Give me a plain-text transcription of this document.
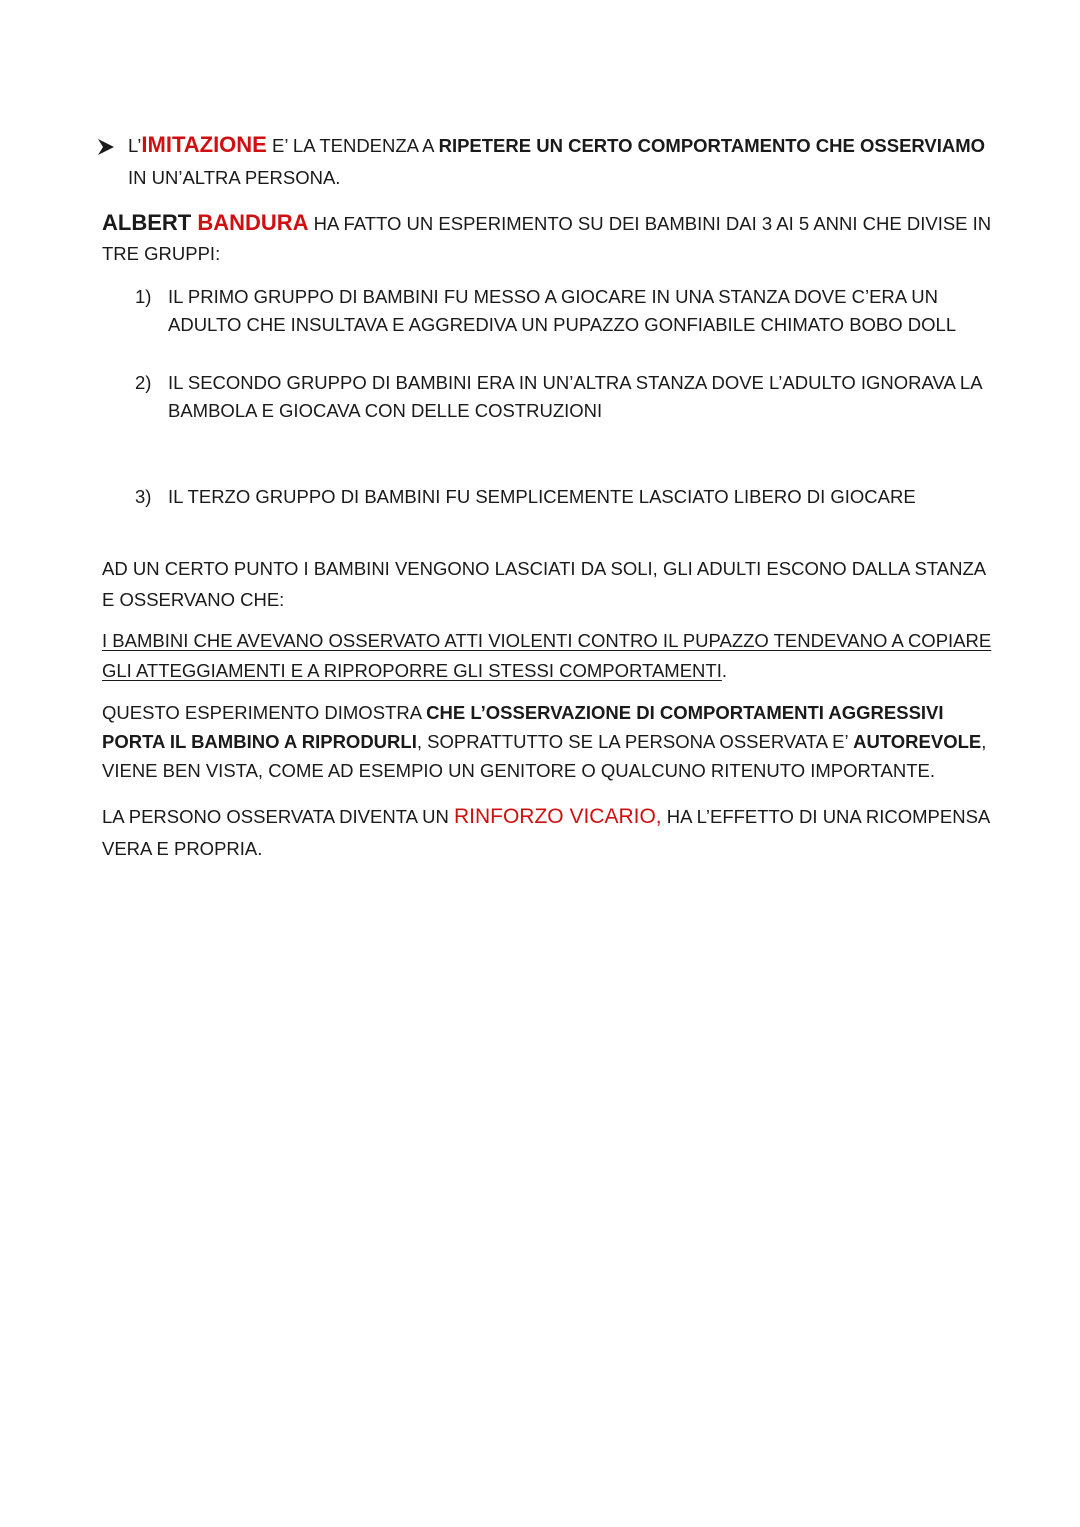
L’IMITAZIONE E’ LA TENDENZA A RIPETERE UN CERTO COMPORTAMENTO CHE OSSERVIAMO
IN UN’ALTRA PERSONA.
ALBERT BANDURA HA FATTO UN ESPERIMENTO SU DEI BAMBINI DAI 3 AI 5 ANNI CHE DIVISE IN
TRE GRUPPI:
1) IL PRIMO GRUPPO DI BAMBINI FU MESSO A GIOCARE IN UNA STANZA DOVE C’ERA UN
ADULTO CHE INSULTAVA E AGGREDIVA UN PUPAZZO GONFIABILE CHIMATO BOBO DOLL
2) IL SECONDO GRUPPO DI BAMBINI ERA IN UN’ALTRA STANZA DOVE L’ADULTO IGNORAVA LA
BAMBOLA E GIOCAVA CON DELLE COSTRUZIONI
3) IL TERZO GRUPPO DI BAMBINI FU SEMPLICEMENTE LASCIATO LIBERO DI GIOCARE
AD UN CERTO PUNTO I BAMBINI VENGONO LASCIATI DA SOLI, GLI ADULTI ESCONO DALLA STANZA
E OSSERVANO CHE:
I BAMBINI CHE AVEVANO OSSERVATO ATTI VIOLENTI CONTRO IL PUPAZZO TENDEVANO A COPIARE
GLI ATTEGGIAMENTI E A RIPROPORRE GLI STESSI COMPORTAMENTI.
QUESTO ESPERIMENTO DIMOSTRA CHE L’OSSERVAZIONE DI COMPORTAMENTI AGGRESSIVI
PORTA IL BAMBINO A RIPRODURLI, SOPRATTUTTO SE LA PERSONA OSSERVATA E’ AUTOREVOLE,
VIENE BEN VISTA, COME AD ESEMPIO UN GENITORE O QUALCUNO RITENUTO IMPORTANTE.
LA PERSONO OSSERVATA DIVENTA UN RINFORZO VICARIO, HA L’EFFETTO DI UNA RICOMPENSA
VERA E PROPRIA.
